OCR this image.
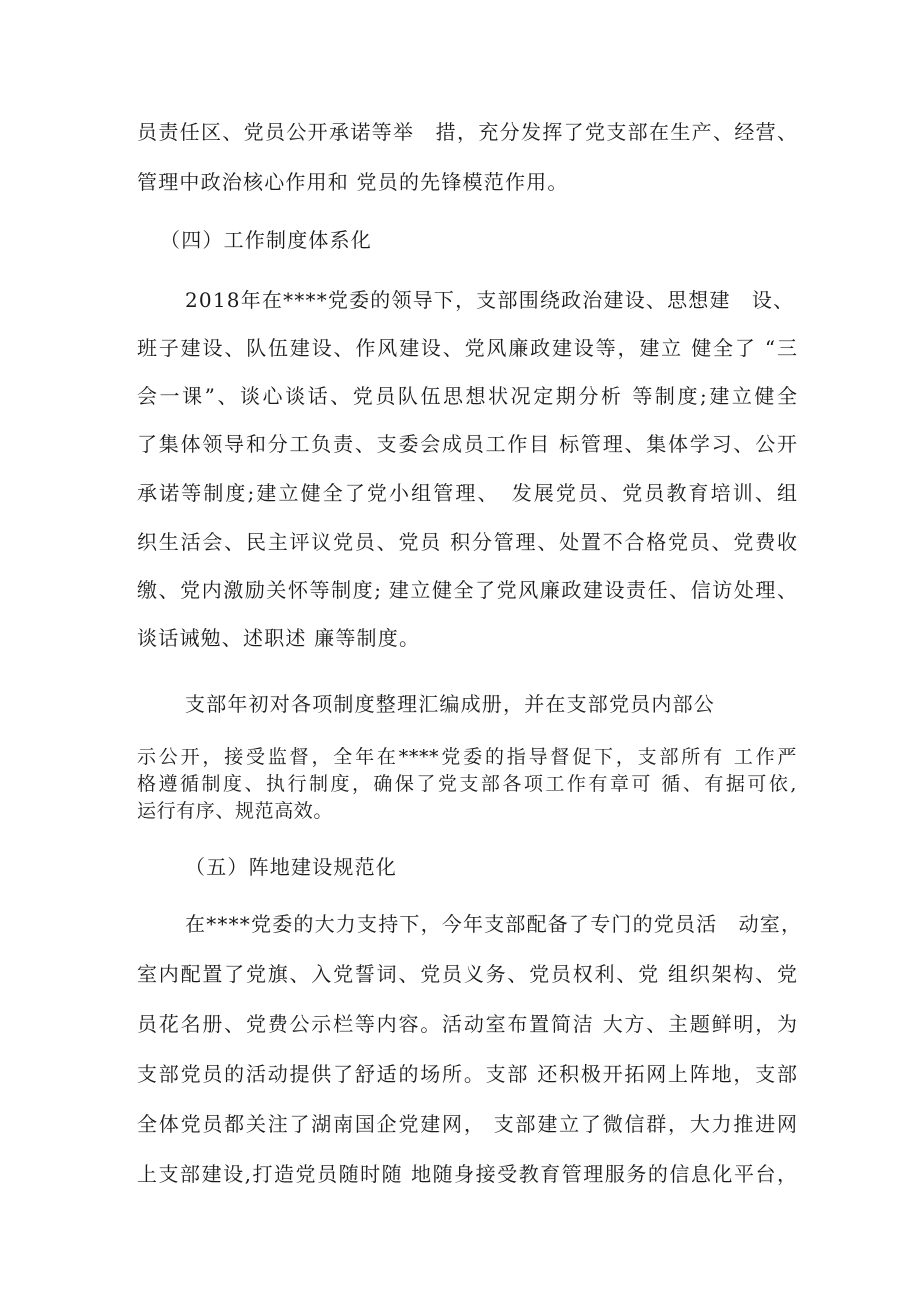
员责任区、党员公开承诺等举　措，充分发挥了党支部在生产、经营、
管理中政治核心作用和 党员的先锋模范作用。
（四）工作制度体系化
2018年在****党委的领导下，支部围绕政治建设、思想建　设、
班子建设、队伍建设、作风建设、党风廉政建设等，建立 健全了 “三
会一课”、谈心谈话、党员队伍思想状况定期分析 等制度;建立健全
了集体领导和分工负责、支委会成员工作目 标管理、集体学习、公开
承诺等制度;建立健全了党小组管理、　发展党员、党员教育培训、组
织生活会、民主评议党员、党员 积分管理、处置不合格党员、党费收
缴、党内激励关怀等制度; 建立健全了党风廉政建设责任、信访处理、
谈话诫勉、述职述 廉等制度。
支部年初对各项制度整理汇编成册，并在支部党员内部公
示公开，接受监督，全年在****党委的指导督促下，支部所有 工作严
格遵循制度、执行制度，确保了党支部各项工作有章可 循、有据可依,
运行有序、规范高效。
（五）阵地建设规范化
在****党委的大力支持下，今年支部配备了专门的党员活　动室，
室内配置了党旗、入党誓词、党员义务、党员权利、党 组织架构、党
员花名册、党费公示栏等内容。活动室布置简洁 大方、主题鲜明，为
支部党员的活动提供了舒适的场所。支部 还积极开拓网上阵地，支部
全体党员都关注了湖南国企党建网， 支部建立了微信群，大力推进网
上支部建设,打造党员随时随 地随身接受教育管理服务的信息化平台，
